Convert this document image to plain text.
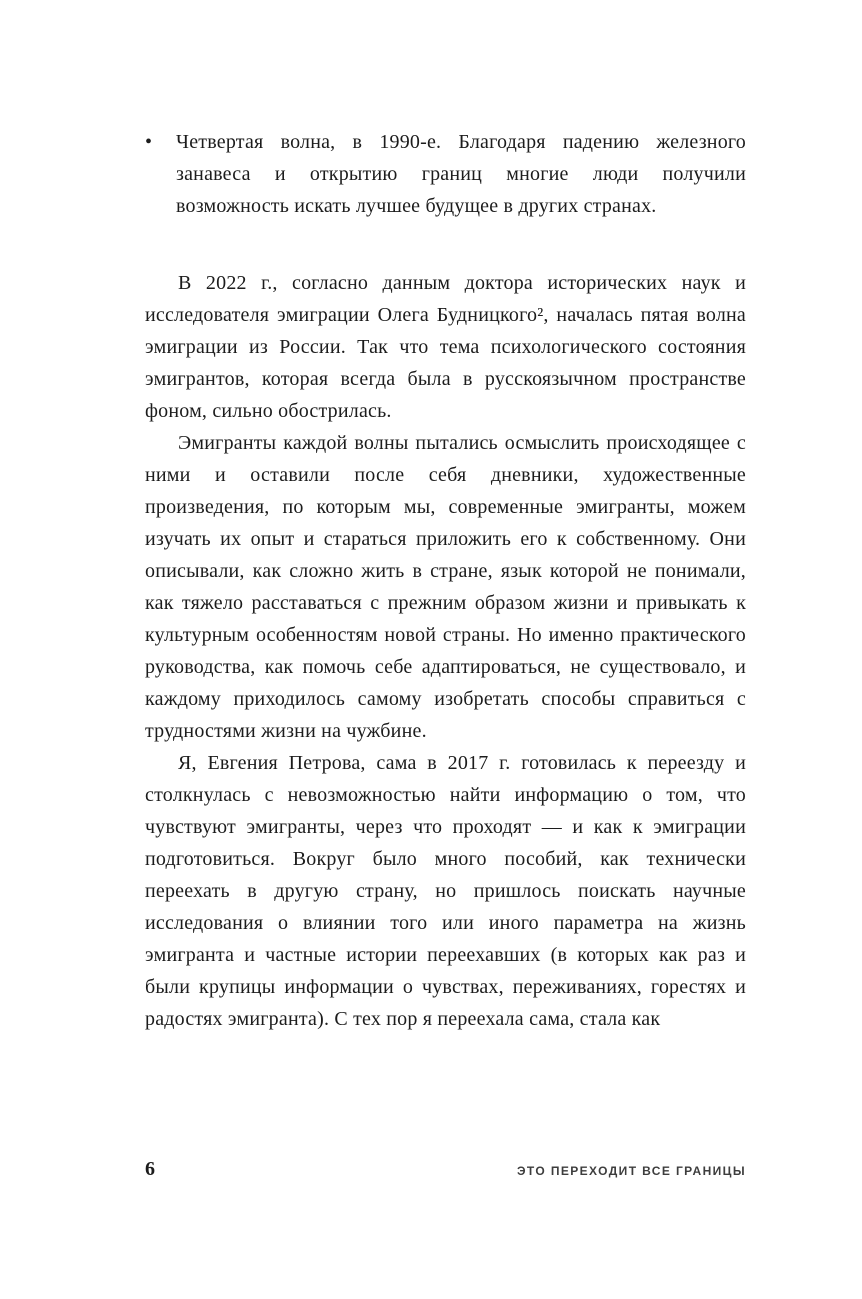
•	Четвертая волна, в 1990-е. Благодаря падению железного занавеса и открытию границ многие люди получили возможность искать лучшее будущее в других странах.

В 2022 г., согласно данным доктора исторических наук и исследователя эмиграции Олега Будницкого², началась пятая волна эмиграции из России. Так что тема психологического состояния эмигрантов, которая всегда была в русскоязычном пространстве фоном, сильно обострилась.

Эмигранты каждой волны пытались осмыслить происходящее с ними и оставили после себя дневники, художественные произведения, по которым мы, современные эмигранты, можем изучать их опыт и стараться приложить его к собственному. Они описывали, как сложно жить в стране, язык которой не понимали, как тяжело расставаться с прежним образом жизни и привыкать к культурным особенностям новой страны. Но именно практического руководства, как помочь себе адаптироваться, не существовало, и каждому приходилось самому изобретать способы справиться с трудностями жизни на чужбине.

Я, Евгения Петрова, сама в 2017 г. готовилась к переезду и столкнулась с невозможностью найти информацию о том, что чувствуют эмигранты, через что проходят — и как к эмиграции подготовиться. Вокруг было много пособий, как технически переехать в другую страну, но пришлось поискать научные исследования о влиянии того или иного параметра на жизнь эмигранта и частные истории переехавших (в которых как раз и были крупицы информации о чувствах, переживаниях, горестях и радостях эмигранта). С тех пор я переехала сама, стала как

6	ЭТО ПЕРЕХОДИТ ВСЕ ГРАНИЦЫ
